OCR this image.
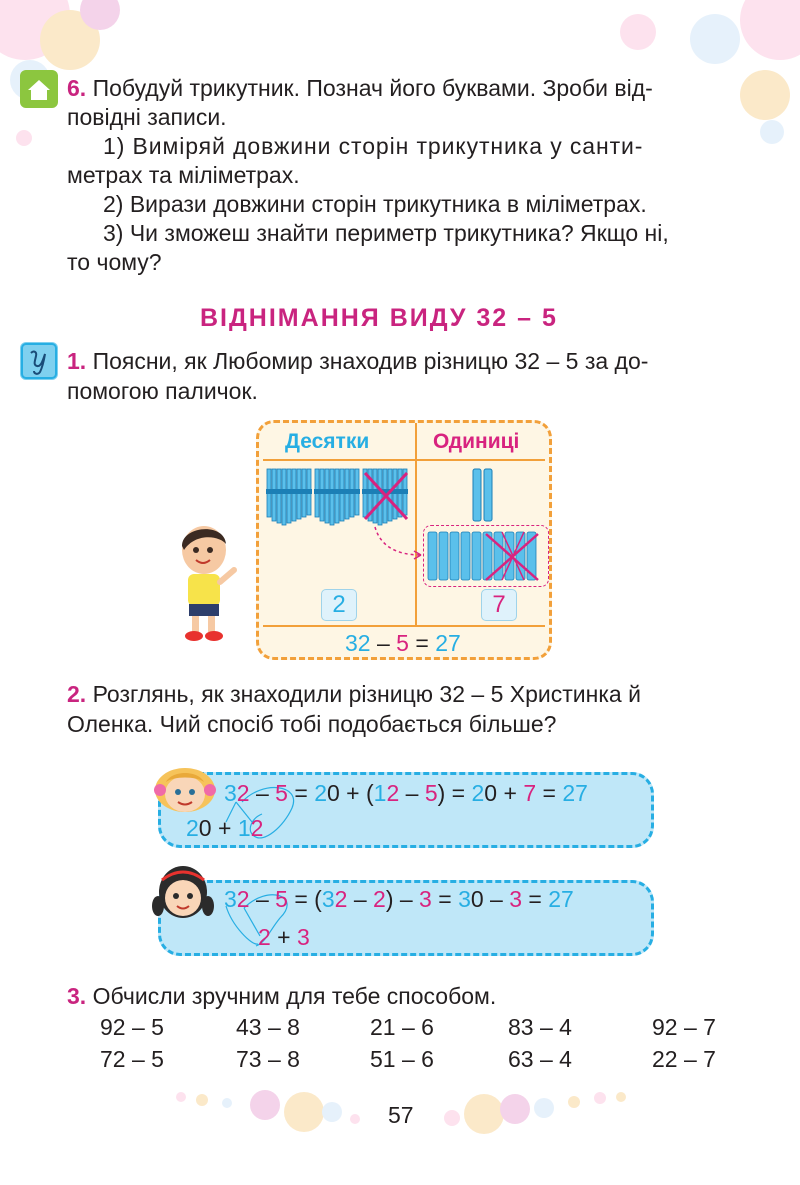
6. Побудуй трикутник. Познач його буквами. Зроби від-
повідні записи.
1) Виміряй довжини сторін трикутника у санти-
метрах та міліметрах.
2) Вирази довжини сторін трикутника в міліметрах.
3) Чи зможеш знайти периметр трикутника? Якщо ні,
то чому?
ВІДНІМАННЯ ВИДУ 32 – 5
1. Поясни, як Любомир знаходив різницю 32 – 5 за до-
помогою паличок.
Десятки	Одиниці
2	7
32 – 5 = 27
2. Розглянь, як знаходили різницю 32 – 5 Христинка й
Оленка. Чий спосіб тобі подобається більше?
32 – 5 = 20 + (12 – 5) = 20 + 7 = 27
20 + 12
32 – 5 = (32 – 2) – 3 = 30 – 3 = 27
2 + 3
3. Обчисли зручним для тебе способом.
92 – 5	43 – 8	21 – 6	83 – 4	92 – 7
72 – 5	73 – 8	51 – 6	63 – 4	22 – 7
57
